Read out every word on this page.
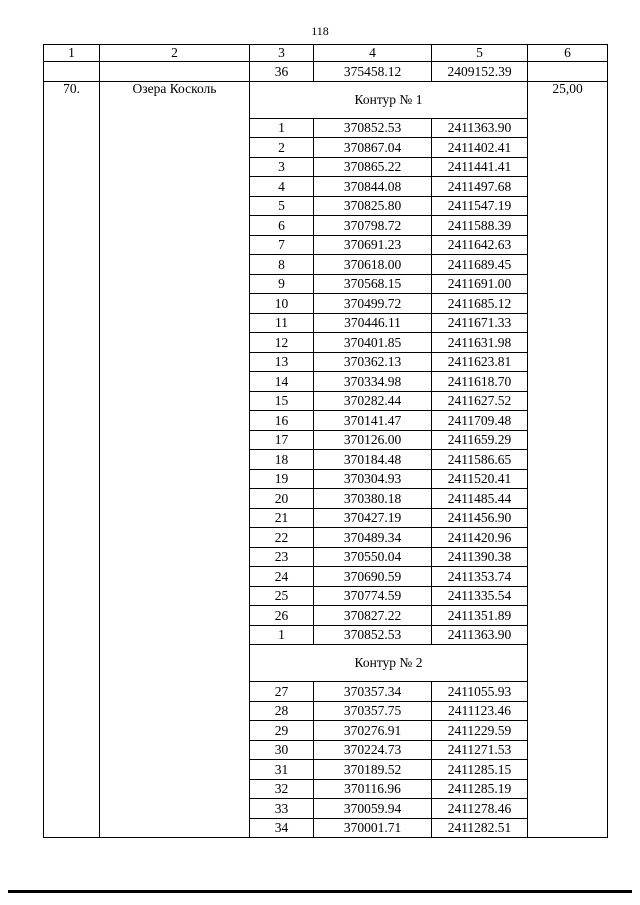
118
1	2	3	4	5	6
		36	375458.12	2409152.39	
70.	Озера Косколь	Контур № 1			25,00
		1	370852.53	2411363.90	
		2	370867.04	2411402.41	
		3	370865.22	2411441.41	
		4	370844.08	2411497.68	
		5	370825.80	2411547.19	
		6	370798.72	2411588.39	
		7	370691.23	2411642.63	
		8	370618.00	2411689.45	
		9	370568.15	2411691.00	
		10	370499.72	2411685.12	
		11	370446.11	2411671.33	
		12	370401.85	2411631.98	
		13	370362.13	2411623.81	
		14	370334.98	2411618.70	
		15	370282.44	2411627.52	
		16	370141.47	2411709.48	
		17	370126.00	2411659.29	
		18	370184.48	2411586.65	
		19	370304.93	2411520.41	
		20	370380.18	2411485.44	
		21	370427.19	2411456.90	
		22	370489.34	2411420.96	
		23	370550.04	2411390.38	
		24	370690.59	2411353.74	
		25	370774.59	2411335.54	
		26	370827.22	2411351.89	
		1	370852.53	2411363.90	
		Контур № 2			
		27	370357.34	2411055.93	
		28	370357.75	2411123.46	
		29	370276.91	2411229.59	
		30	370224.73	2411271.53	
		31	370189.52	2411285.15	
		32	370116.96	2411285.19	
		33	370059.94	2411278.46	
		34	370001.71	2411282.51	
